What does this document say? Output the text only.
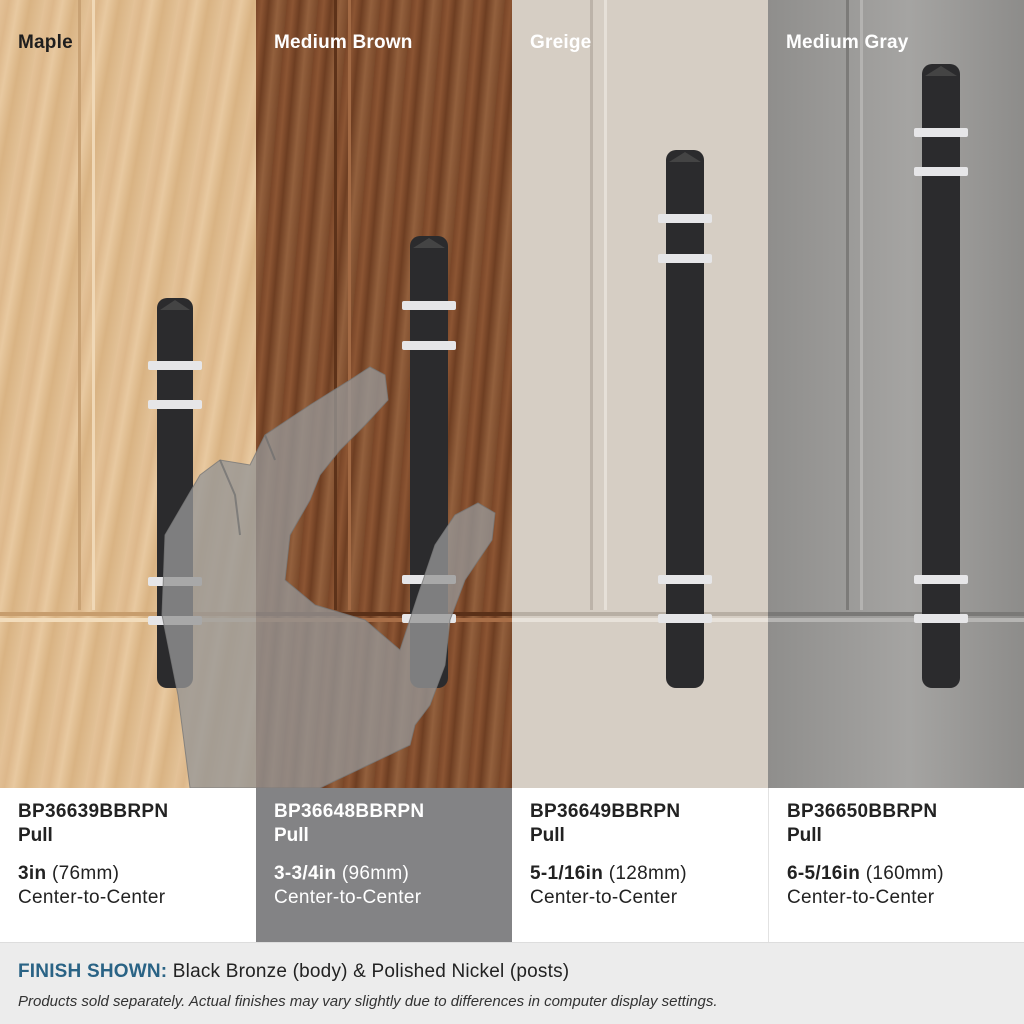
Maple	Medium Brown	Greige	Medium Gray
BP36639BBRPN
Pull
3in (76mm)
Center-to-Center
BP36648BBRPN
Pull
3-3/4in (96mm)
Center-to-Center
BP36649BBRPN
Pull
5-1/16in (128mm)
Center-to-Center
BP36650BBRPN
Pull
6-5/16in (160mm)
Center-to-Center
FINISH SHOWN: Black Bronze (body) & Polished Nickel (posts)
Products sold separately. Actual finishes may vary slightly due to differences in computer display settings.
